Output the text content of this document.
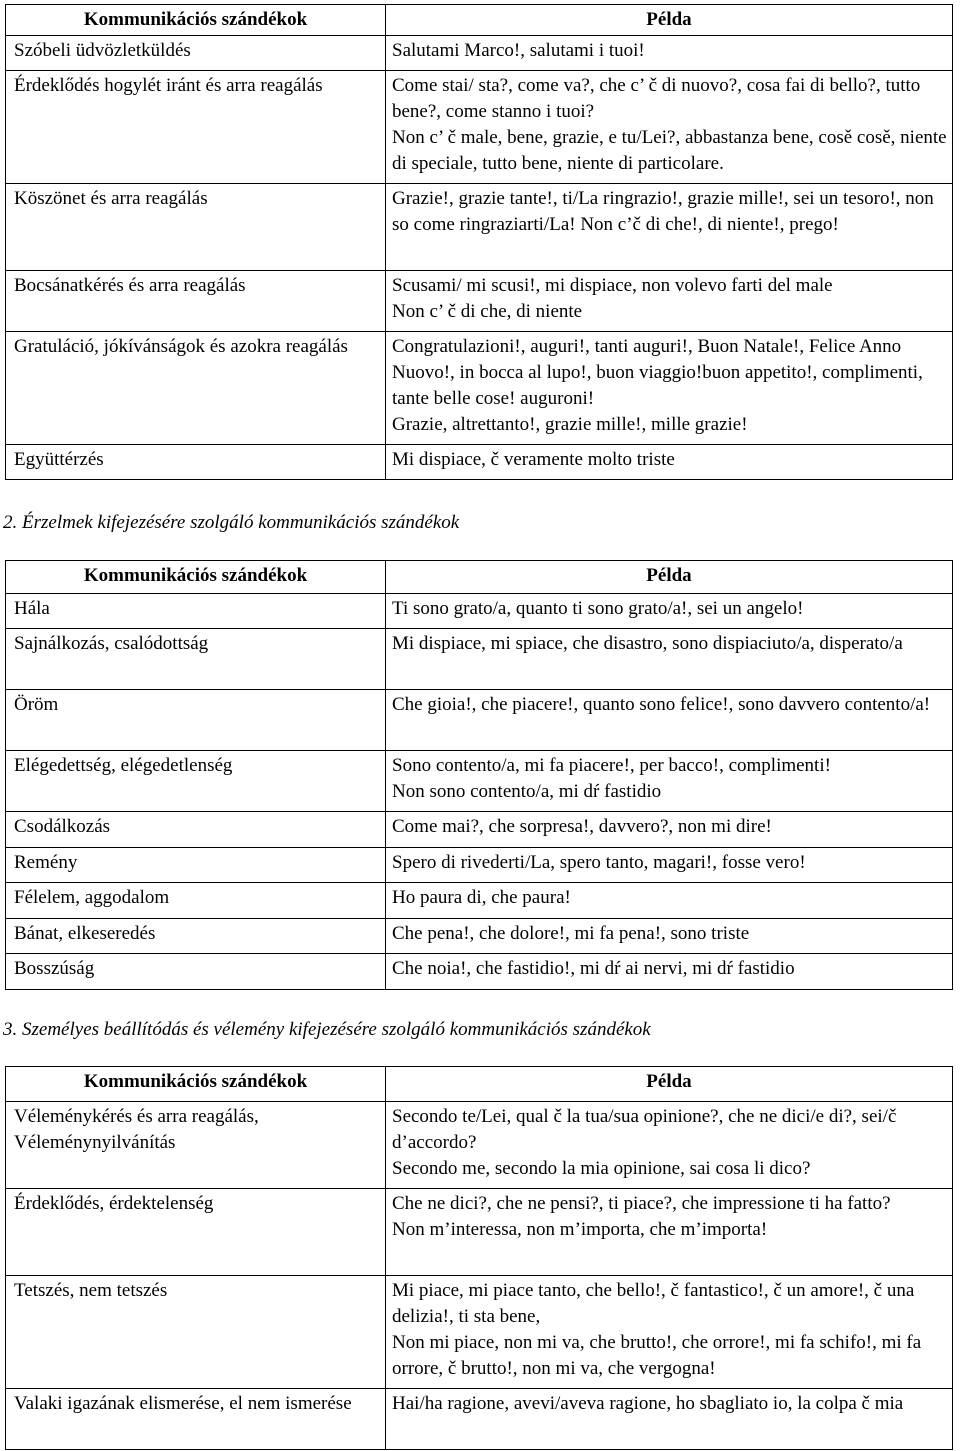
Kommunikációs szándékok	Példa

Szóbeli üdvözletküldés	Salutami Marco!, salutami i tuoi!

Érdeklődés hogylét iránt és arra reagálás	Come stai/ sta?, come va?, che c’ č di nuovo?, cosa fai di bello?, tutto bene?, come stanno i tuoi?
Non c’ č male, bene, grazie, e tu/Lei?, abbastanza bene, cosě cosě, niente di speciale, tutto bene, niente di particolare.

Köszönet és arra reagálás	Grazie!, grazie tante!, ti/La ringrazio!, grazie mille!, sei un tesoro!, non so come ringraziarti/La! Non c’č di che!, di niente!, prego!

Bocsánatkérés és arra reagálás	Scusami/ mi scusi!, mi dispiace, non volevo farti del male
Non c’ č di che, di niente

Gratuláció, jókívánságok és azokra reagálás	Congratulazioni!, auguri!, tanti auguri!, Buon Natale!, Felice Anno Nuovo!, in bocca al lupo!, buon viaggio!buon appetito!, complimenti, tante belle cose! auguroni!
Grazie, altrettanto!, grazie mille!, mille grazie!

Együttérzés	Mi dispiace, č veramente molto triste
2. Érzelmek kifejezésére szolgáló kommunikációs szándékok
Kommunikációs szándékok	Példa

Hála	Ti sono grato/a, quanto ti sono grato/a!, sei un angelo!

Sajnálkozás, csalódottság	Mi dispiace, mi spiace, che disastro, sono dispiaciuto/a, disperato/a

Öröm	Che gioia!, che piacere!, quanto sono felice!, sono davvero contento/a!

Elégedettség, elégedetlenség	Sono contento/a, mi fa piacere!, per bacco!, complimenti!
Non sono contento/a, mi dŕ fastidio

Csodálkozás	Come mai?, che sorpresa!, davvero?, non mi dire!

Remény	Spero di rivederti/La, spero tanto, magari!, fosse vero!

Félelem, aggodalom	Ho paura di, che paura!

Bánat, elkeseredés	Che pena!, che dolore!, mi fa pena!, sono triste

Bosszúság	Che noia!, che fastidio!, mi dŕ ai nervi, mi dŕ fastidio
3. Személyes beállítódás és vélemény kifejezésére szolgáló kommunikációs szándékok
Kommunikációs szándékok	Példa

Véleménykérés és arra reagálás, Véleménynyilvánítás	Secondo te/Lei, qual č la tua/sua opinione?, che ne dici/e di?, sei/č d’accordo?
Secondo me, secondo la mia opinione, sai cosa li dico?

Érdeklődés, érdektelenség	Che ne dici?, che ne pensi?, ti piace?, che impressione ti ha fatto?
Non m’interessa, non m’importa, che m’importa!

Tetszés, nem tetszés	Mi piace, mi piace tanto, che bello!, č fantastico!, č un amore!, č una delizia!, ti sta bene,
Non mi piace, non mi va, che brutto!, che orrore!, mi fa schifo!, mi fa orrore, č brutto!, non mi va, che vergogna!

Valaki igazának elismerése, el nem ismerése	Hai/ha ragione, avevi/aveva ragione, ho sbagliato io, la colpa č mia
